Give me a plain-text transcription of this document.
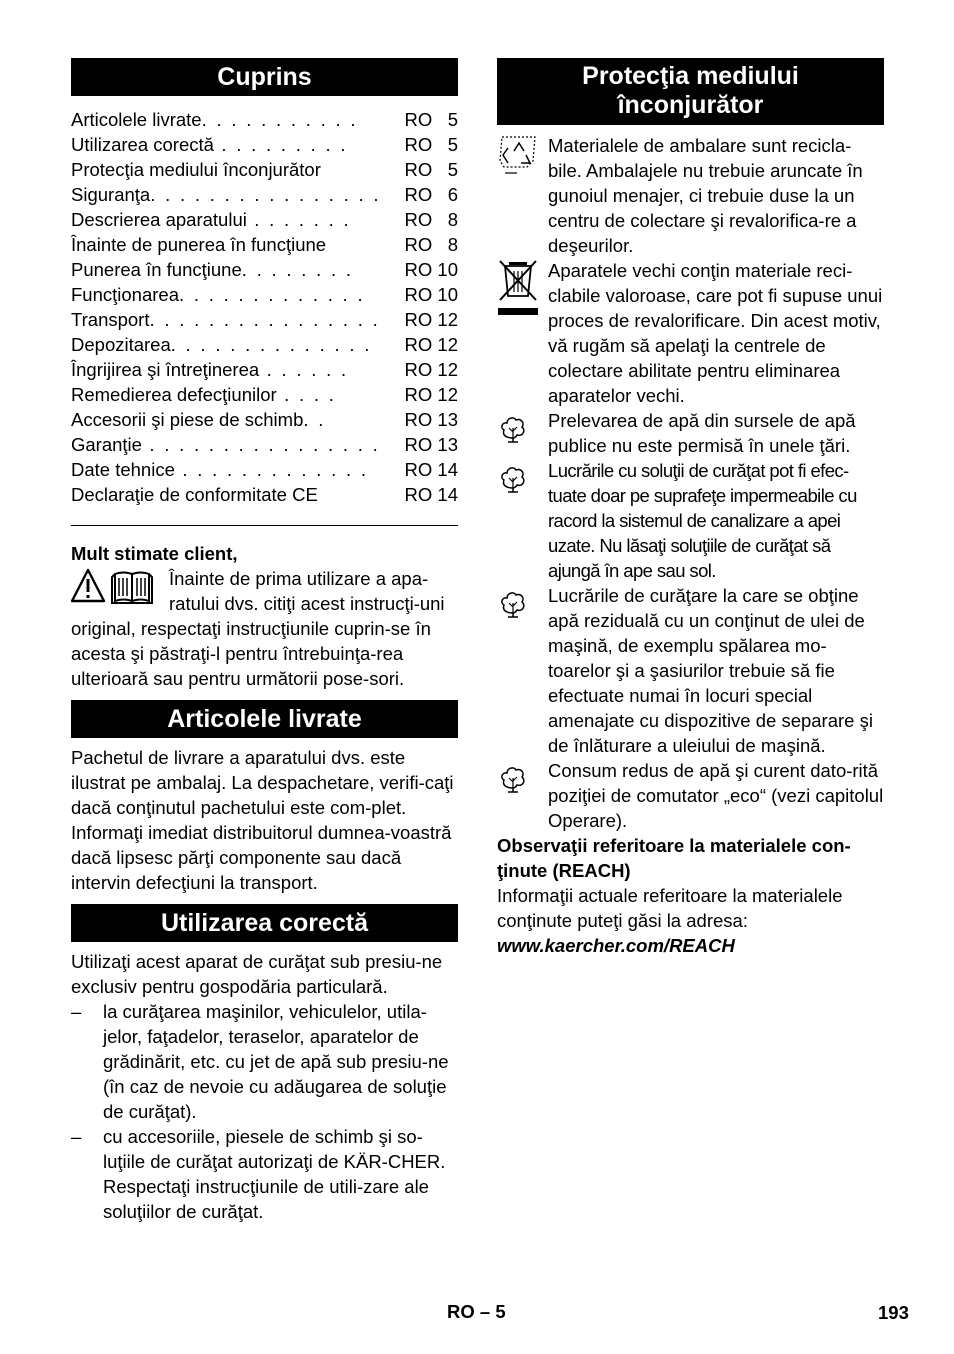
Cuprins
Articolele livrate. . . . . . . . . . .	RO   5
Utilizarea corectă . . . . . . . . .	RO   5
Protecţia mediului înconjurător	RO   5
Siguranţa. . . . . . . . . . . . . . . .	RO   6
Descrierea aparatului . . . . . . .	RO   8
Înainte de punerea în funcţiune	RO   8
Punerea în funcţiune. . . . . . . .	RO 10
Funcţionarea. . . . . . . . . . . . .	RO 10
Transport. . . . . . . . . . . . . . . .	RO 12
Depozitarea. . . . . . . . . . . . . .	RO 12
Îngrijirea şi întreţinerea . . . . . .	RO 12
Remedierea defecţiunilor . . . .	RO 12
Accesorii şi piese de schimb. .	RO 13
Garanţie . . . . . . . . . . . . . . . .	RO 13
Date tehnice . . . . . . . . . . . . .	RO 14
Declaraţie de conformitate CE	RO 14

Mult stimate client,

Înainte de prima utilizare a apa-ratului dvs. citiţi acest instrucţi-uni original, respectaţi instrucţiunile cuprin-se în acesta şi păstraţi-l pentru întrebuinţa-rea ulterioară sau pentru următorii pose-sori.

Articolele livrate

Pachetul de livrare a aparatului dvs. este ilustrat pe ambalaj. La despachetare, verifi-caţi dacă conţinutul pachetului este com-plet.

Informaţi imediat distribuitorul dumnea-voastră dacă lipsesc părţi componente sau dacă intervin defecţiuni la transport.

Utilizarea corectă

Utilizaţi acest aparat de curăţat sub presiu-ne exclusiv pentru gospodăria particulară.

– la curăţarea maşinilor, vehiculelor, utila-jelor, faţadelor, teraselor, aparatelor de grădinărit, etc. cu jet de apă sub presiu-ne (în caz de nevoie cu adăugarea de soluţie de curăţat).
– cu accesoriile, piesele de schimb şi so-luţiile de curăţat autorizaţi de KÄR-CHER. Respectaţi instrucţiunile de utili-zare ale soluţiilor de curăţat.
Protecţia mediului
înconjurător

Materialele de ambalare sunt recicla-bile. Ambalajele nu trebuie aruncate în gunoiul menajer, ci trebuie duse la un centru de colectare şi revalorifica-re a deşeurilor.

Aparatele vechi conţin materiale reci-clabile valoroase, care pot fi supuse unui proces de revalorificare. Din acest motiv, vă rugăm să apelaţi la centrele de colectare abilitate pentru eliminarea aparatelor vechi.

Prelevarea de apă din sursele de apă publice nu este permisă în unele ţări.

Lucrările cu soluţii de curăţat pot fi efec-tuate doar pe suprafeţe impermeabile cu racord la sistemul de canalizare a apei uzate. Nu lăsaţi soluţiile de curăţat să ajungă în ape sau sol.

Lucrările de curăţare la care se obţine apă reziduală cu un conţinut de ulei de maşină, de exemplu spălarea mo-toarelor şi a şasiurilor trebuie să fie efectuate numai în locuri special amenajate cu dispozitive de separare şi de înlăturare a uleiului de maşină.

Consum redus de apă şi curent dato-rită poziţiei de comutator „eco“ (vezi capitolul Operare).

Observaţii referitoare la materialele con-ţinute (REACH)

Informaţii actuale referitoare la materialele conţinute puteţi găsi la adresa:

www.kaercher.com/REACH

RO – 5	193
